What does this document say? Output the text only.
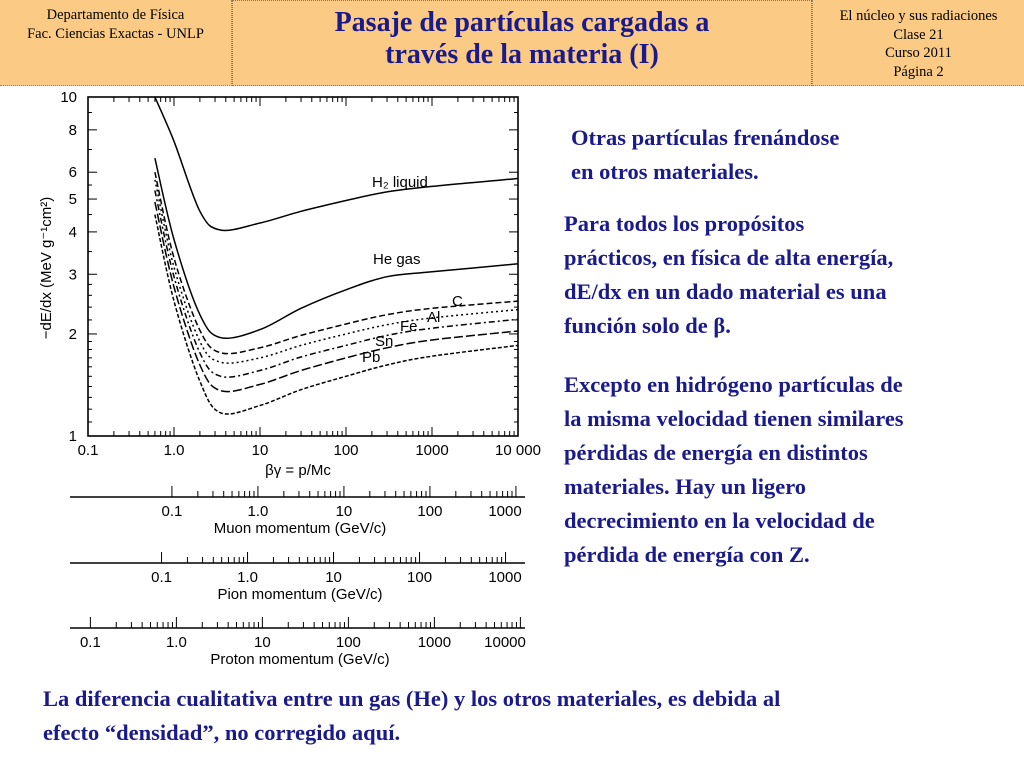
Departamento de Física
Fac. Ciencias Exactas - UNLP	Pasaje de partículas cargadas a
través de la materia (I)
El núcleo y sus radiaciones
Clase 21
Curso 2011
Página 2
0.1	1.0	10	100	1000	10 000
1
2
3
4
5
6
8
10
H₂ liquid
He gas
C
Al
Fe
Sn
Pb
−dE/dx (MeV g⁻¹cm²)
βγ = p/Mc
0.1	1.0	10	100	1000
Muon momentum (GeV/c)
0.1	1.0	10	100	1000
Pion momentum (GeV/c)
0.1	1.0	10	100	1000 10000
Proton momentum (GeV/c)
Otras partículas frenándose
en otros materiales.
Para todos los propósitos
prácticos, en física de alta energía,
dE/dx en un dado material es una
función solo de β.
Excepto en hidrógeno partículas de
la misma velocidad tienen similares
pérdidas de energía en distintos
materiales. Hay un ligero
decrecimiento en la velocidad de
pérdida de energía con Z.
La diferencia cualitativa entre un gas (He) y los otros materiales, es debida al
efecto “densidad”, no corregido aquí.
